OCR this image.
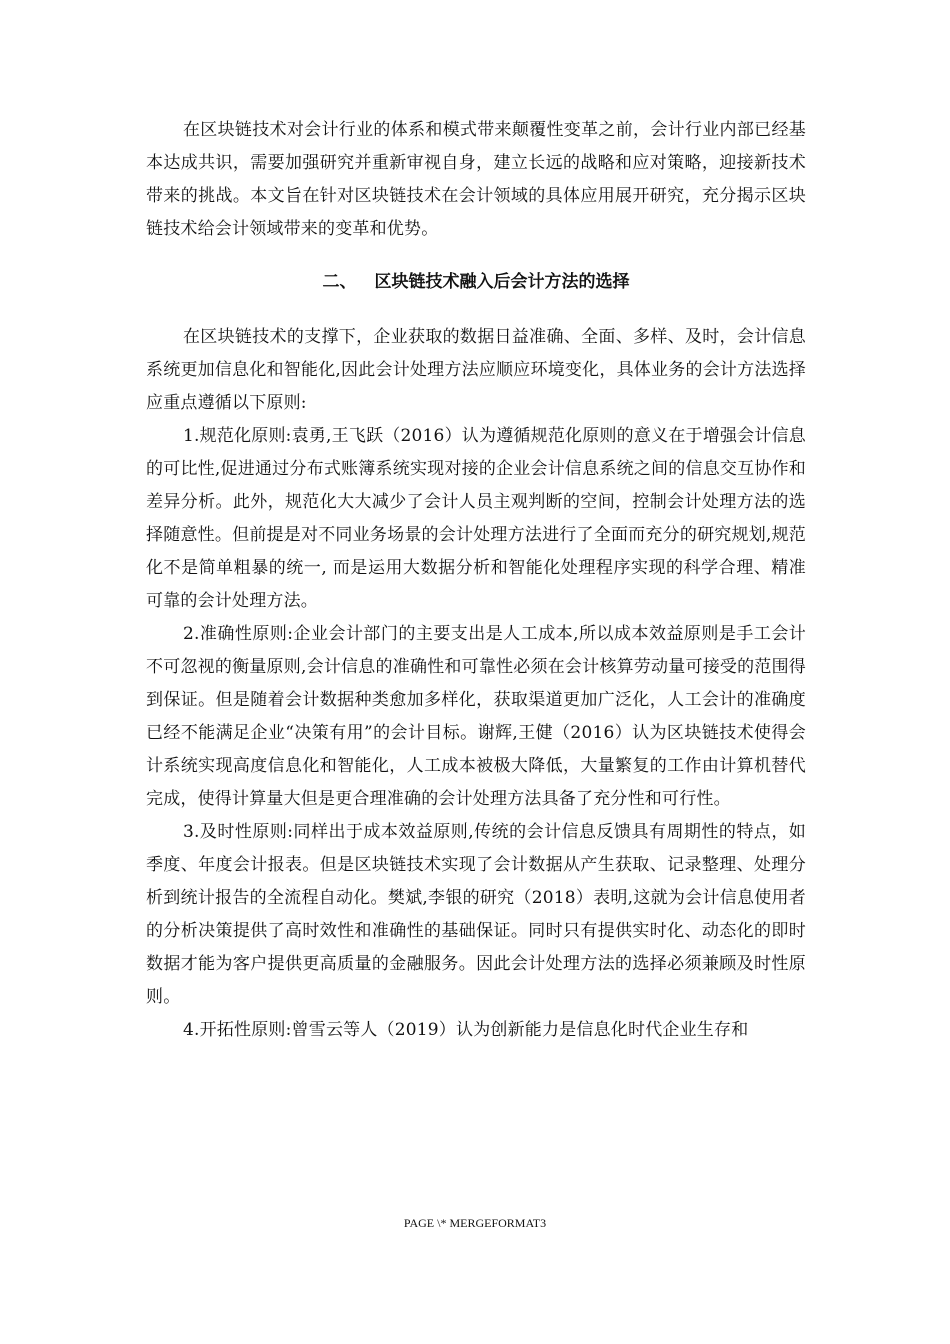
在区块链技术对会计行业的体系和模式带来颠覆性变革之前，会计行业内部已经基本达成共识，需要加强研究并重新审视自身，建立长远的战略和应对策略，迎接新技术带来的挑战。本文旨在针对区块链技术在会计领域的具体应用展开研究，充分揭示区块链技术给会计领域带来的变革和优势。

二、 区块链技术融入后会计方法的选择

在区块链技术的支撑下，企业获取的数据日益准确、全面、多样、及时，会计信息系统更加信息化和智能化,因此会计处理方法应顺应环境变化，具体业务的会计方法选择应重点遵循以下原则:

1.规范化原则:袁勇,王飞跃（2016）认为遵循规范化原则的意义在于增强会计信息的可比性,促进通过分布式账簿系统实现对接的企业会计信息系统之间的信息交互协作和差异分析。此外，规范化大大减少了会计人员主观判断的空间，控制会计处理方法的选择随意性。但前提是对不同业务场景的会计处理方法进行了全面而充分的研究规划,规范化不是简单粗暴的统一, 而是运用大数据分析和智能化处理程序实现的科学合理、精准可靠的会计处理方法。

2.准确性原则:企业会计部门的主要支出是人工成本,所以成本效益原则是手工会计不可忽视的衡量原则,会计信息的准确性和可靠性必须在会计核算劳动量可接受的范围得到保证。但是随着会计数据种类愈加多样化，获取渠道更加广泛化，人工会计的准确度已经不能满足企业“决策有用”的会计目标。谢辉,王健（2016）认为区块链技术使得会计系统实现高度信息化和智能化，人工成本被极大降低，大量繁复的工作由计算机替代完成，使得计算量大但是更合理准确的会计处理方法具备了充分性和可行性。

3.及时性原则:同样出于成本效益原则,传统的会计信息反馈具有周期性的特点，如季度、年度会计报表。但是区块链技术实现了会计数据从产生获取、记录整理、处理分析到统计报告的全流程自动化。樊斌,李银的研究（2018）表明,这就为会计信息使用者的分析决策提供了高时效性和准确性的基础保证。同时只有提供实时化、动态化的即时数据才能为客户提供更高质量的金融服务。因此会计处理方法的选择必须兼顾及时性原则。

4.开拓性原则:曾雪云等人（2019）认为创新能力是信息化时代企业生存和

PAGE \* MERGEFORMAT3
